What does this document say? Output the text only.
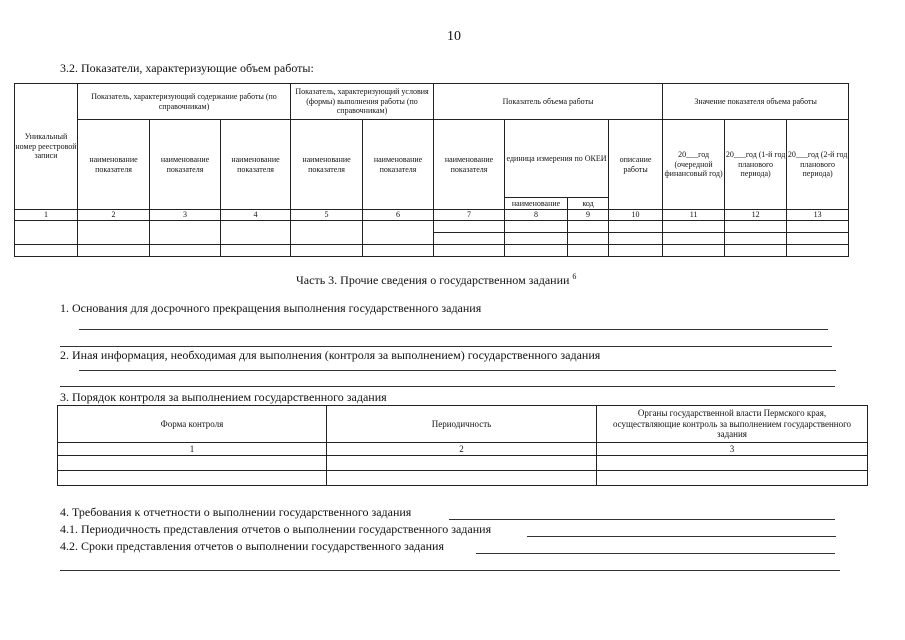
10
3.2. Показатели, характеризующие объем работы:
Уникальный номер реестровой записи	Показатель, характеризующий содержание работы (по справочникам)			Показатель, характеризующий условия (формы) выполнения работы (по справочникам)		Показатель объема работы				Значение показателя объема работы		
	наименование показателя	наименование показателя	наименование показателя	наименование показателя	наименование показателя	наименование показателя	единица измерения по ОКЕИ		описание работы	20___год (очередной финансовый год)	20___год (1-й год планового периода)	20___год (2-й год планового периода)
							наименование	код				
1	2	3	4	5	6	7	8	9	10	11	12	13

Часть 3. Прочие сведения о государственном задании $^6$
1. Основания для досрочного прекращения выполнения государственного задания
2. Иная информация, необходимая для выполнения (контроля за выполнением) государственного задания
3. Порядок контроля за выполнением государственного задания
Форма контроля	Периодичность	Органы государственной власти Пермского края, осуществляющие контроль за выполнением государственного задания
1	2	3

4. Требования к отчетности о выполнении государственного задания
4.1. Периодичность представления отчетов о выполнении государственного задания
4.2. Сроки представления отчетов о выполнении государственного задания
